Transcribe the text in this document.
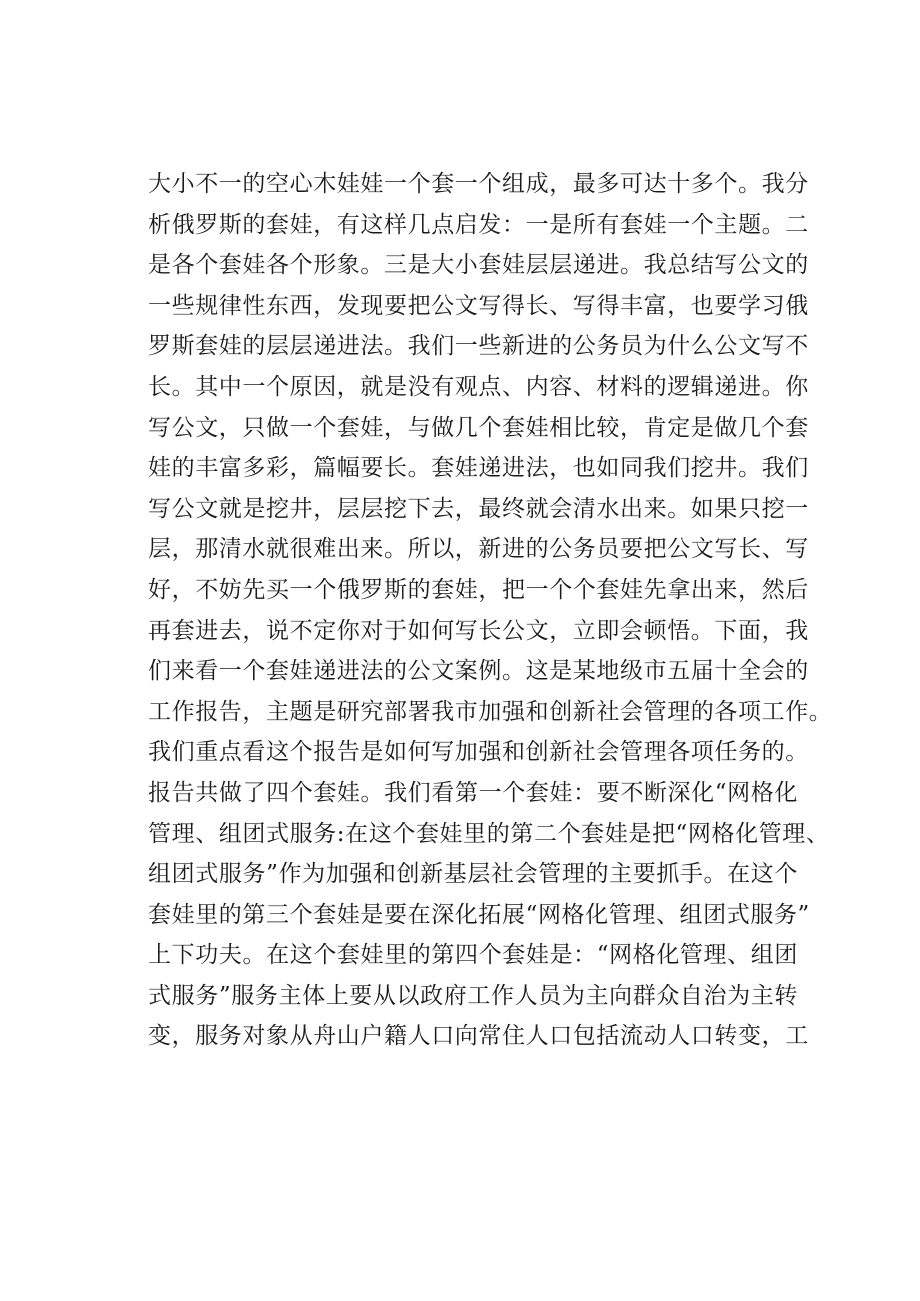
大小不一的空心木娃娃一个套一个组成，最多可达十多个。我分
析俄罗斯的套娃，有这样几点启发：一是所有套娃一个主题。二
是各个套娃各个形象。三是大小套娃层层递进。我总结写公文的
一些规律性东西，发现要把公文写得长、写得丰富，也要学习俄
罗斯套娃的层层递进法。我们一些新进的公务员为什么公文写不
长。其中一个原因，就是没有观点、内容、材料的逻辑递进。你
写公文，只做一个套娃，与做几个套娃相比较，肯定是做几个套
娃的丰富多彩，篇幅要长。套娃递进法，也如同我们挖井。我们
写公文就是挖井，层层挖下去，最终就会清水出来。如果只挖一
层，那清水就很难出来。所以，新进的公务员要把公文写长、写
好，不妨先买一个俄罗斯的套娃，把一个个套娃先拿出来，然后
再套进去，说不定你对于如何写长公文，立即会顿悟。下面，我
们来看一个套娃递进法的公文案例。这是某地级市五届十全会的
工作报告，主题是研究部署我市加强和创新社会管理的各项工作。
我们重点看这个报告是如何写加强和创新社会管理各项任务的。
报告共做了四个套娃。我们看第一个套娃：要不断深化“网格化
管理、组团式服务:在这个套娃里的第二个套娃是把“网格化管理、
组团式服务”作为加强和创新基层社会管理的主要抓手。在这个
套娃里的第三个套娃是要在深化拓展“网格化管理、组团式服务”
上下功夫。在这个套娃里的第四个套娃是：“网格化管理、组团
式服务”服务主体上要从以政府工作人员为主向群众自治为主转
变，服务对象从舟山户籍人口向常住人口包括流动人口转变，工
